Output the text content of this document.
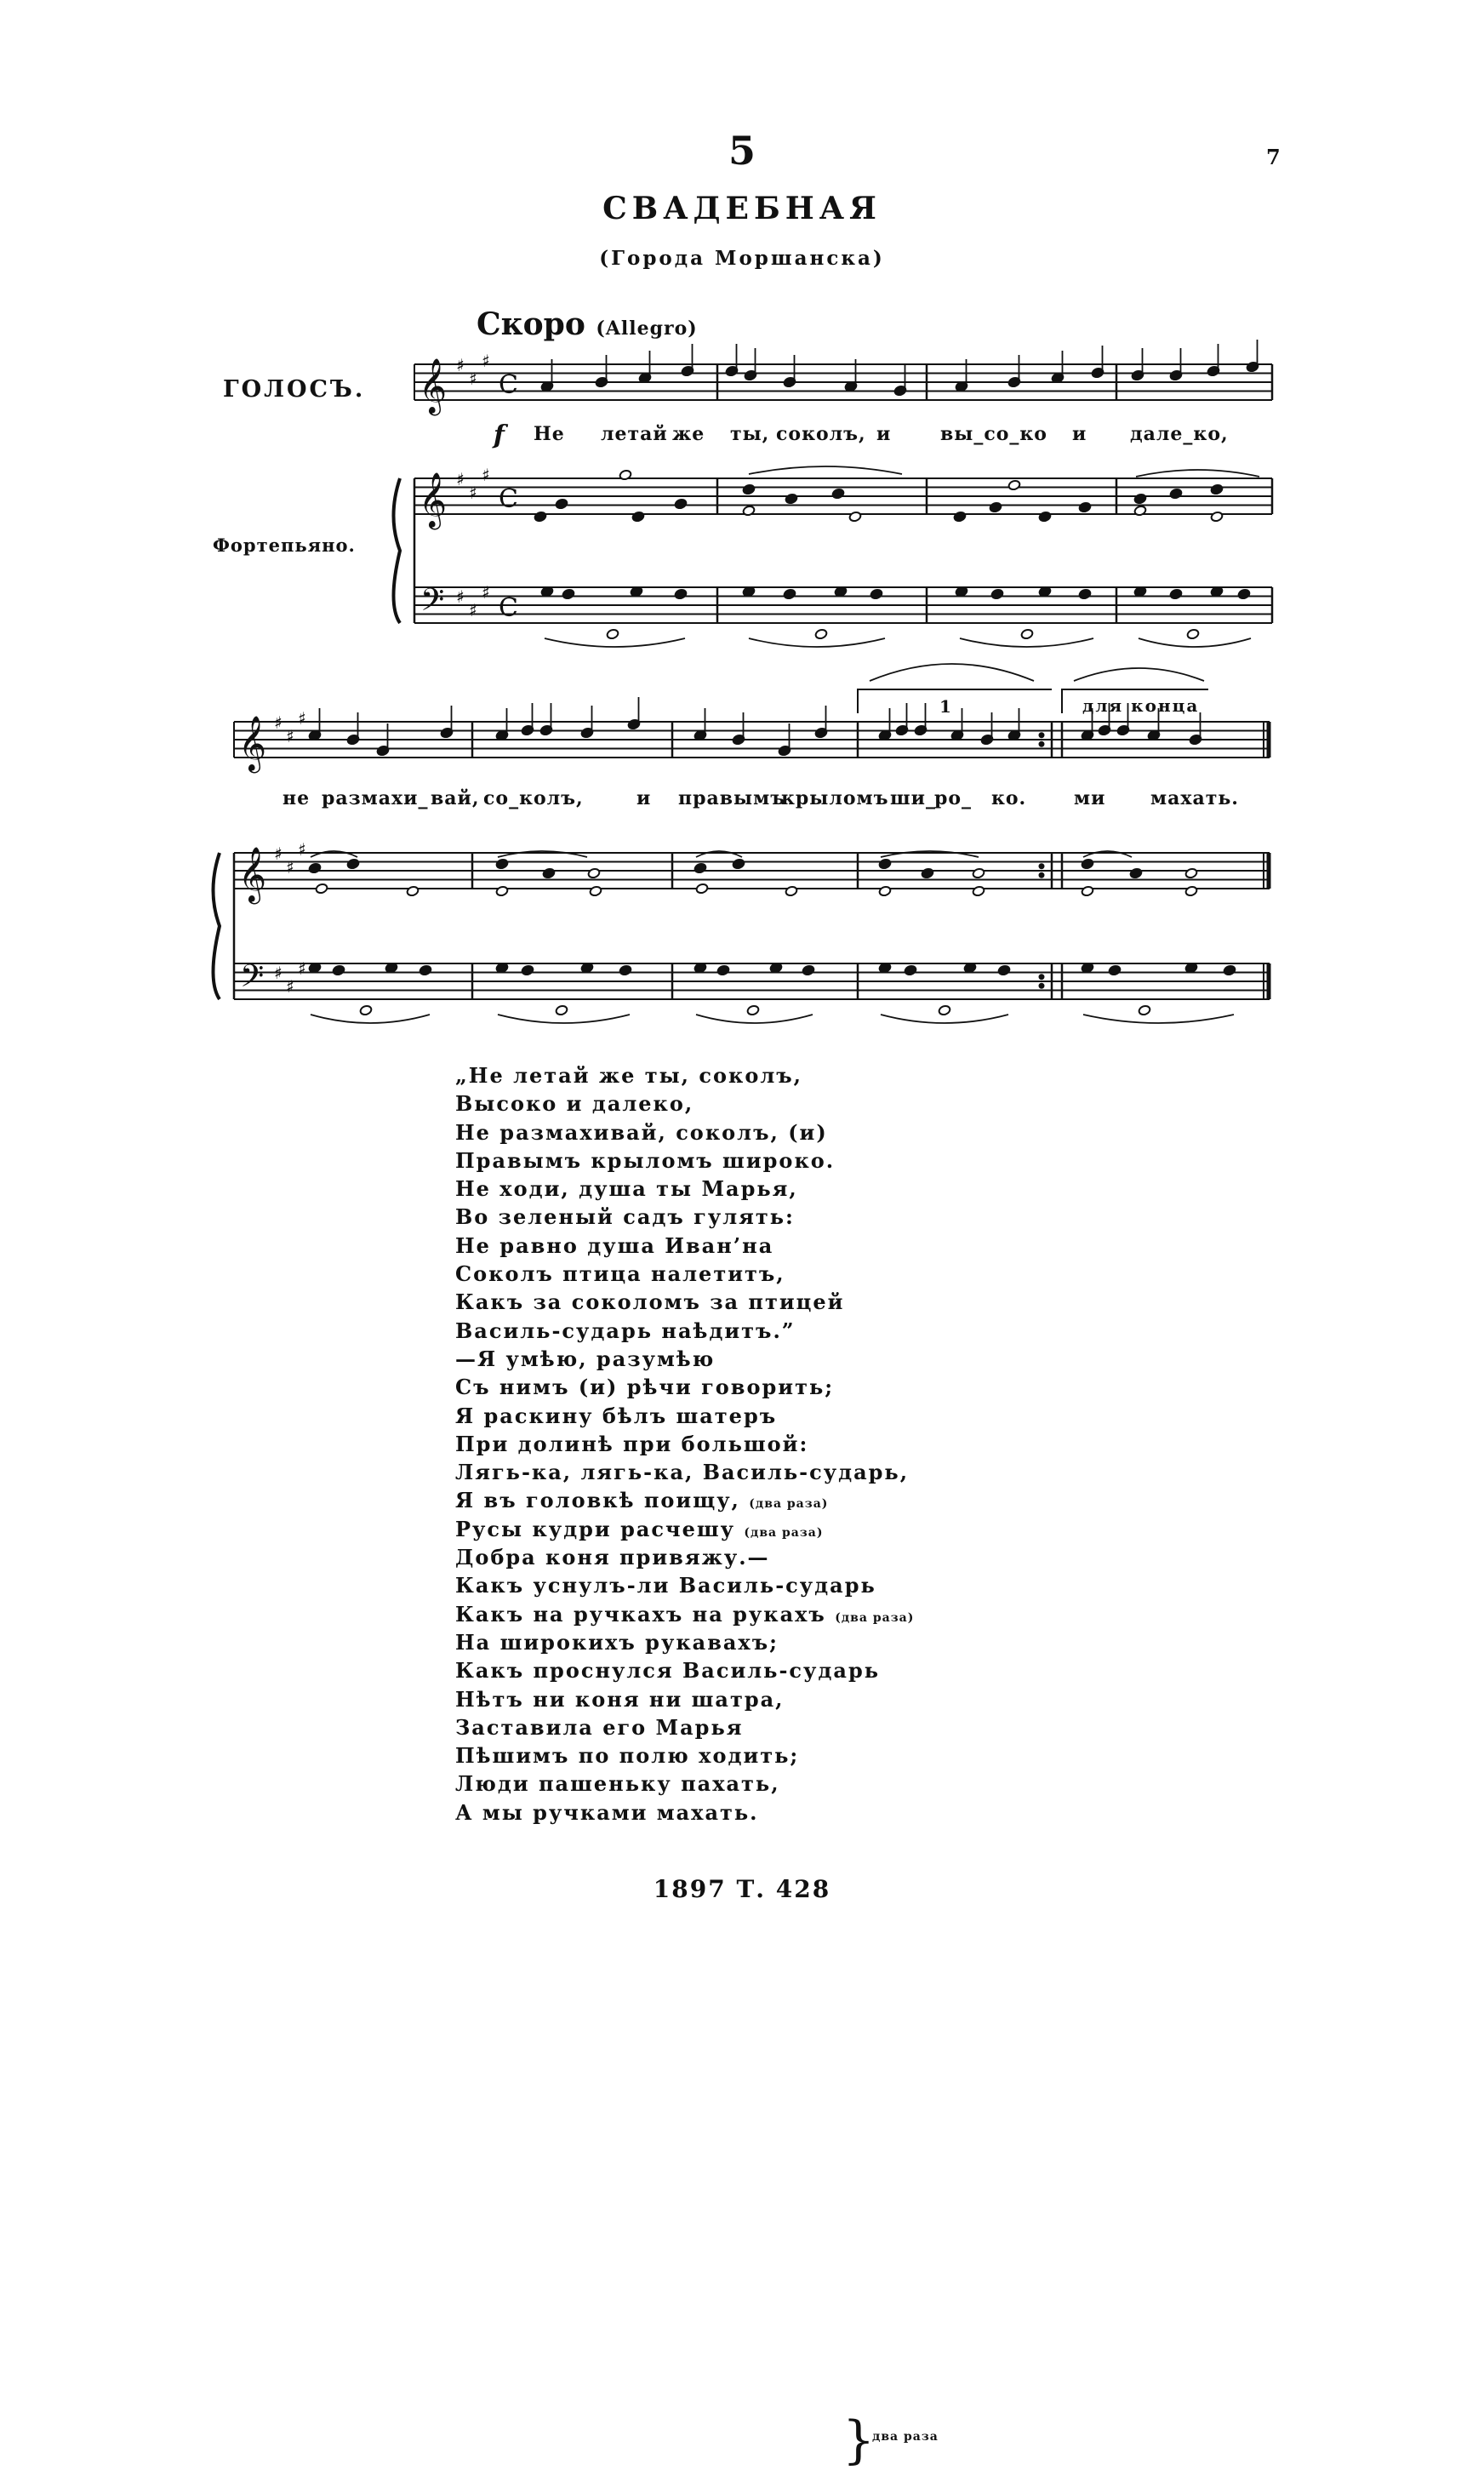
5	7
СВАДЕБНАЯ
(Города Моршанска)
Скоро (Allegro)
ГОЛОСЪ.
Фортепьяно.
𝄞
𝄞
𝄢
♯
♯
♯
♯
♯
♯
♯
♯
♯
C
C
C
𝄞
𝄞
𝄢
♯
♯
♯
♯
♯
♯
♯
♯
♯
f Не летай же ты, соколъ, и	вы_со_ко и дале_ко,
1	для конца
не размахи_ вай, со_колъ,	и правымъ
крыломъ ши_
ро_ ко.	ми махать.
„Не летай же ты, соколъ,
Высоко и далеко,
Не размахивай, соколъ, (и)
Правымъ крыломъ широко.
Не ходи, душа ты Марья,
Во зеленый садъ гулять:
Не равно душа Иван’на
Соколъ птица налетитъ,
Какъ за соколомъ за птицей
Василь-сударь наѣдитъ.”
—Я умѣю, разумѣю
Съ нимъ (и) рѣчи говорить;
Я раскину бѣлъ шатеръ
При долинѣ при большой:
Лягь-ка, лягь-ка, Василь-сударь,
Я въ головкѣ поищу, (два раза)
Русы кудри расчешу (два раза)
Добра коня привяжу.—
Какъ уснулъ-ли Василь-сударь
Какъ на ручкахъ на рукахъ (два раза)
На широкихъ рукавахъ;
Какъ проснулся Василь-сударь
Нѣтъ ни коня ни шатра,
Заставила его Марья
Пѣшимъ по полю ходить;
Люди пашеньку пахать,
А мы ручками махать.
}
два раза
1897 Т. 428
